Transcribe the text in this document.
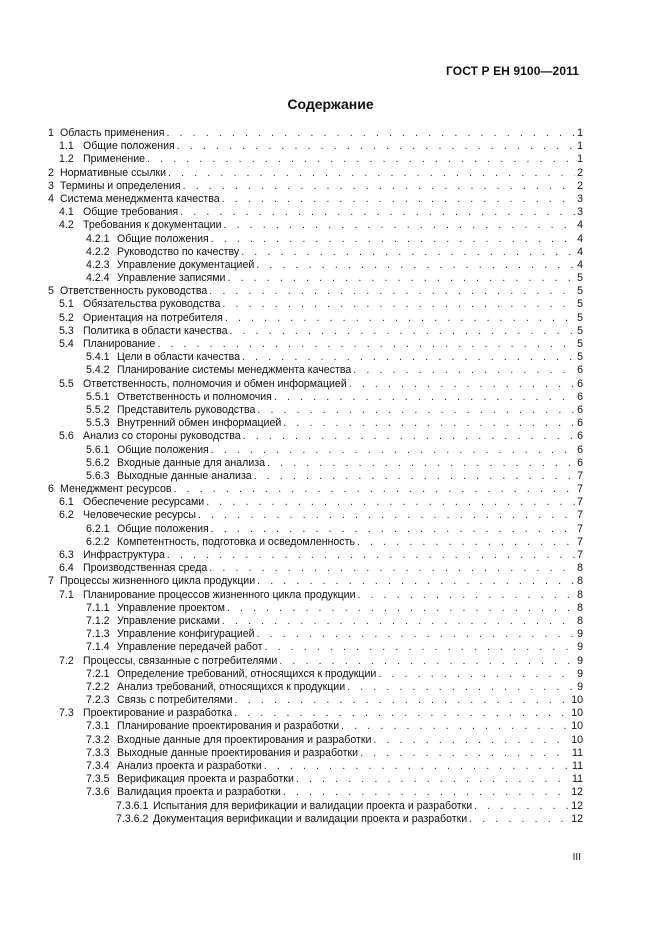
ГОСТ Р ЕН 9100—2011
Содержание
1 Область применения . . .	1
1.1 Общие положения . . .	1
1.2 Применение . . .	1
2 Нормативные ссылки . . .	2
3 Термины и определения . . .	2
4 Система менеджмента качества . . .	3
4.1 Общие требования . . .	3
4.2 Требования к документации . . .	4
4.2.1 Общие положения . . .	4
4.2.2 Руководство по качеству . . .	4
4.2.3 Управление документацией . . .	4
4.2.4 Управление записями . . .	5
5 Ответственность руководства . . .	5
5.1 Обязательства руководства . . .	5
5.2 Ориентация на потребителя . . .	5
5.3 Политика в области качества . . .	5
5.4 Планирование . . .	5
5.4.1 Цели в области качества . . .	5
5.4.2 Планирование системы менеджмента качества . . .	6
5.5 Ответственность, полномочия и обмен информацией . . .	6
5.5.1 Ответственность и полномочия . . .	6
5.5.2 Представитель руководства . . .	6
5.5.3 Внутренний обмен информацией . . .	6
5.6 Анализ со стороны руководства . . .	6
5.6.1 Общие положения . . .	6
5.6.2 Входные данные для анализа . . .	6
5.6.3 Выходные данные анализа . . .	7
6 Менеджмент ресурсов . . .	7
6.1 Обеспечение ресурсами . . .	7
6.2 Человеческие ресурсы . . .	7
6.2.1 Общие положения . . .	7
6.2.2 Компетентность, подготовка и осведомленность . . .	7
6.3 Инфраструктура . . .	7
6.4 Производственная среда . . .	8
7 Процессы жизненного цикла продукции . . .	8
7.1 Планирование процессов жизненного цикла продукции . . .	8
7.1.1 Управление проектом . . .	8
7.1.2 Управление рисками . . .	8
7.1.3 Управление конфигурацией . . .	9
7.1.4 Управление передачей работ . . .	9
7.2 Процессы, связанные с потребителями . . .	9
7.2.1 Определение требований, относящихся к продукции . . .	9
7.2.2 Анализ требований, относящихся к продукции . . .	9
7.2.3 Связь с потребителями . . .	10
7.3 Проектирование и разработка . . .	10
7.3.1 Планирование проектирования и разработки . . .	10
7.3.2 Входные данные для проектирования и разработки . . .	10
7.3.3 Выходные данные проектирования и разработки . . .	11
7.3.4 Анализ проекта и разработки . . .	11
7.3.5 Верификация проекта и разработки . . .	11
7.3.6 Валидация проекта и разработки . . .	12
7.3.6.1 Испытания для верификации и валидации проекта и разработки . . .	12
7.3.6.2 Документация верификации и валидации проекта и разработки . . .	12
III
